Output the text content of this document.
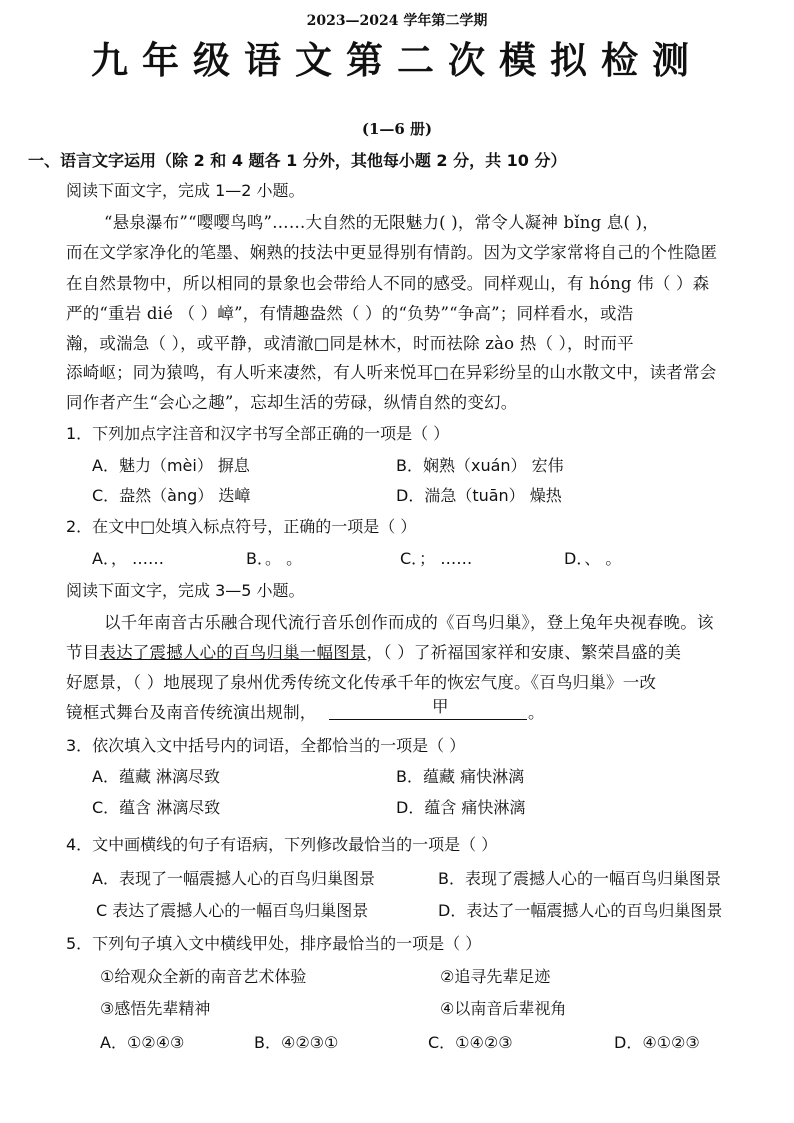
2023—2024 学年第二学期
九年级语文第二次模拟检测
(1—6 册)
一、语言文字运用（除 2 和 4 题各 1 分外，其他每小题 2 分，共 10 分）
阅读下面文字，完成 1—2 小题。
“悬泉瀑布”“嘤嘤鸟鸣”……大自然的无限魅力( )，常令人凝神 bǐng 息( )，
而在文学家净化的笔墨、娴熟的技法中更显得别有情韵。因为文学家常将自己的个性隐匿
在自然景物中，所以相同的景象也会带给人不同的感受。同样观山，有 hóng 伟（ ）森
严的“重岩 dié （ ）嶂”，有情趣盎然（ ）的“负势”“争高”；同样看水，或浩
瀚，或湍急（ ），或平静，或清澈□同是林木，时而祛除 zào 热（ ），时而平
添崎岖；同为猿鸣，有人听来凄然，有人听来悦耳□在异彩纷呈的山水散文中，读者常会
同作者产生“会心之趣”，忘却生活的劳碌，纵情自然的变幻。
1．下列加点字注音和汉字书写全部正确的一项是（ ）
A．魅力（mèi） 摒息	B．娴熟（xuán） 宏伟
C．盎然（àng） 迭嶂	D．湍急（tuān） 燥热
2．在文中□处填入标点符号，正确的一项是（ ）
A．， ……	B．。 。	C．； ……	D．、 。
阅读下面文字，完成 3—5 小题。
以千年南音古乐融合现代流行音乐创作而成的《百鸟归巢》，登上兔年央视春晚。该
节目表达了震撼人心的百鸟归巢一幅图景，（ ）了祈福国家祥和安康、繁荣昌盛的美
好愿景，（ ）地展现了泉州优秀传统文化传承千年的恢宏气度。《百鸟归巢》一改
镜框式舞台及南音传统演出规制，	甲	。
3．依次填入文中括号内的词语，全都恰当的一项是（ ）
A．蕴藏 淋漓尽致	B．蕴藏 痛快淋漓
C．蕴含 淋漓尽致	D．蕴含 痛快淋漓
4．文中画横线的句子有语病，下列修改最恰当的一项是（ ）
A．表现了一幅震撼人心的百鸟归巢图景	B．表现了震撼人心的一幅百鸟归巢图景
C 表达了震撼人心的一幅百鸟归巢图景	D．表达了一幅震撼人心的百鸟归巢图景
5．下列句子填入文中横线甲处，排序最恰当的一项是（ ）
①给观众全新的南音艺术体验	②追寻先辈足迹
③感悟先辈精神	④以南音后辈视角
A．①②④③	B．④②③①	C．①④②③	D．④①②③
